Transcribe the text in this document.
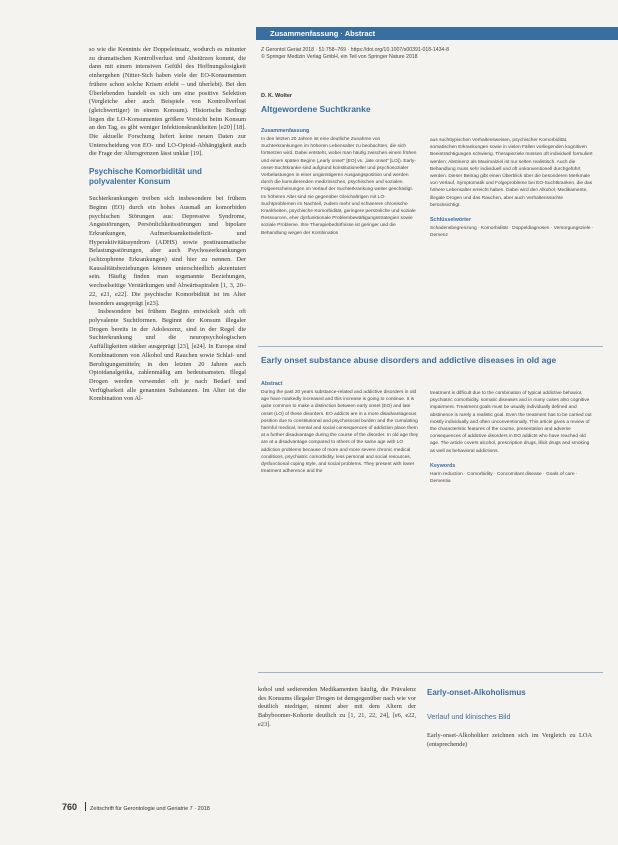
Zusammenfassung · Abstract

so wie die Kenntnis der Doppeleinsatz, wodurch es mitunter zu dramatischen Kontrollverlust und Abstürzen kommt, die dann mit einem intensiven Gefühl des Hoffnungslosigkeit einhergehen (Nitter-Sich haben viele der EO-Konsumenten frühere schon solche Krisen erlebt – und überlebt). Bei den Überlebenden handelt es sich um eine positive Selektion (Vergleiche aber auch Beispiele von Kontrollverlust (gleichwertiger) in einem Konsum). Historische Bedingt liegen die LO-Konsumenten größere Vorsicht beim Konsum an den Tag, es gibt weniger Infektionskrankheiten [e20] [18]. Die aktuelle Forschung liefert keine neuen Daten zur Unterscheidung von EO- und LO-Opioid-Abhängigkeit auch die Frage der Altersgrenzen lässt unklar [19].

Psychische Komorbidität und polyvalenter Konsum

Suchterkrankungen treiben sich insbesondere bei frühem Beginn (EO) durch ein hohes Ausmaß an komorbiden psychischen Störungen aus: Depressive Syndrome, Angststörungen, Persönlichkeitsstörungen und bipolare Erkrankungen, Aufmerksamkeitsdefizit- und Hyperaktivitätssyndrom (ADHS) sowie posttraumatische Belastungsstörungen, aber auch Psychoseerkrankungen (schizophrene Erkrankungen) sind hier zu nennen. Der Kausalitätsbeziehungen können unterschiedlich akzentuiert sein. Häufig finden man sogenannte Beziehungen, wechselseitige Verstärkungen und Abwärtsspiralen [1, 3, 20–22, e21, e22]. Die psychische Komorbidität ist im Alter besonders ausgeprägt [e23].

Insbesondere bei frühem Beginn entwickelt sich oft polyvalente Suchtformen. Beginnt der Konsum illegaler Drogen bereits in der Adoleszenz, sind in der Regel die Suchterkrankung und die neuropsychologischen Auffälligkeiten stärker ausgeprägt [23], [e24]. In Europa sind Kombinationen von Alkohol und Rauchen sowie Schlaf- und Beruhigungsmitteln; in den letzten 20 Jahren auch Opioidanalgetika, zahlenmäßig am bedeutsamsten. Illegal Drogen werden verwendet oft je nach Bedarf und Verfügbarkeit alle genannten Substanzen. Im Alter ist die Kombination von Al-

Z Gerontol Geriat 2018 · 51:758–769 · https://doi.org/10.1007/s00391-018-1434-8
© Springer Medizin Verlag GmbH, ein Teil von Springer Nature 2018
D. K. Wolter
Altgewordene Suchtkranke
Zusammenfassung

In den letzten 20 Jahren ist eine deutliche Zunahme von Suchterkrankungen im höheren Lebensalter zu beobachten, die sich fortsetzen wird. Dabei entsteht, wobei man häufig zwischen einem frühen und einem späten Beginn („early onset“ [EO] vs. „late onset“ [LO]). Early-onset-Suchtkranke sind aufgrund konstitutioneller und psychosozialer Vorbelastungen in einer ungünstigeren Ausgangsposition und werden durch die kumulierenden medizinischen, psychischen und sozialen Folgeerscheinungen im Verlauf der Suchterkrankung weiter geschädigt. Im höheren Alter sind sie gegenüber Gleichaltrigen mit LO-Suchtproblemen im Nachteil, zudem mehr und schwerere chronische Krankheiten, psychische Komorbidität, geringere persönliche und soziale Ressourcen, eher dysfunktionale Problembewältigungsstrategien sowie soziale Probleme. Ihre Therapiebedürfnisse ist geringer und die Behandlung wegen der Kombination

aus suchttypischen Verhaltensweisen, psychischer Komorbidität, somatischen Erkrankungen sowie in vielen Fällen vorliegenden kognitiven Beeinträchtigungen schwierig. Therapieziele müssen oft individuell formuliert werden; Abstinenz als Maximalziel ist nur selten realistisch. Auch die Behandlung muss sehr individuell und oft unkonventionell durchgeführt werden. Dieser Beitrag gibt einen Überblick über die besonderen Merkmale von Verlauf, Symptomatik und Folgeprobleme bei EO-Suchtkranken, die das höhere Lebensalter erreicht haben. Dabei wird den Alkohol, Medikamente, illegale Drogen und das Rauchen, aber auch Verhaltenssüchte berücksichtigt.

Schlüsselwörter

Schadensbegrenzung · Komorbidität · Doppeldiagnosen · Versorgungsziele · Demenz

Early onset substance abuse disorders and addictive diseases in old age
Abstract

During the past 20 years substance-related and addictive disorders in old age have markedly increased and this increase is going to continue. It is quite common to make a distinction between early onset (EO) and late onset (LO) of these disorders. EO addicts are in a more disadvantageous position due to constitutional and psychosocial burden and the cumulating harmful medical, mental and social consequences of addiction place them at a further disadvantage during the course of the disorder. In old age they are at a disadvantage compared to others of the same age with LO addiction problems because of more and more severe chronic medical conditions, psychiatric comorbidity, less personal and social resources, dysfunctional coping style, and social problems. They present with lower treatment adherence and the

treatment is difficult due to the combination of typical addictive behavior, psychiatric comorbidity, somatic diseases and in many cases also cognitive impairment. Treatment goals must be usually individually defined and abstinence is rarely a realistic goal. Even the treatment has to be carried out mostly individually and often unconventionally. This article gives a review of the characteristic features of the course, presentation and adverse consequences of addictive disorders in EO addicts who have reached old age. The article covers alcohol, prescription drugs, illicit drugs and smoking as well as behavioral addictions.

Keywords

Harm reduction · Comorbidity · Concomitant disease · Goals of care · Dementia

kohol und sedierenden Medikamenten häufig, die Prävalenz des Konsums illegaler Drogen ist demgegenüber nach wie vor deutlich niedriger, nimmt aber mit dem Altern der Babyboomer-Kohorte deutlich zu [1, 21, 22, 24], [e6, e22, e23].

Early-onset-Alkoholismus
Verlauf und klinisches Bild

Early-onset-Alkoholiker zeichnen sich im Vergleich zu LOA (entsprechende)

760 Zeitschrift für Gerontologie und Geriatrie 7 · 2018
